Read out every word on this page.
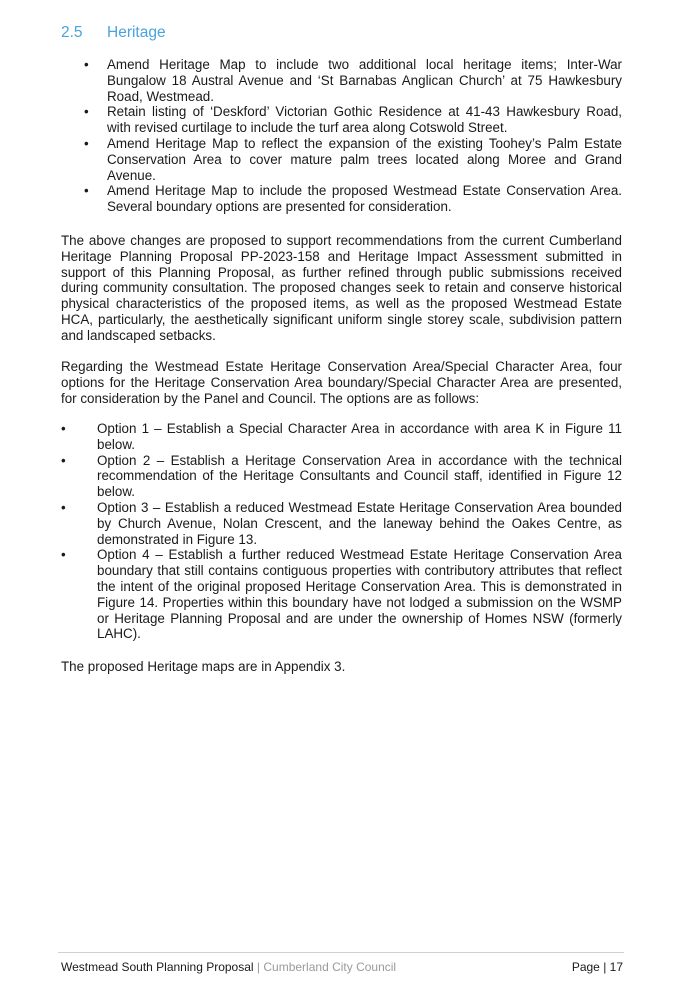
2.5	Heritage
• Amend Heritage Map to include two additional local heritage items; Inter-War Bungalow 18 Austral Avenue and ‘St Barnabas Anglican Church’ at 75 Hawkesbury Road, Westmead.
• Retain listing of ‘Deskford’ Victorian Gothic Residence at 41-43 Hawkesbury Road, with revised curtilage to include the turf area along Cotswold Street.
• Amend Heritage Map to reflect the expansion of the existing Toohey’s Palm Estate Conservation Area to cover mature palm trees located along Moree and Grand Avenue.
• Amend Heritage Map to include the proposed Westmead Estate Conservation Area. Several boundary options are presented for consideration.

The above changes are proposed to support recommendations from the current Cumberland Heritage Planning Proposal PP-2023-158 and Heritage Impact Assessment submitted in support of this Planning Proposal, as further refined through public submissions received during community consultation. The proposed changes seek to retain and conserve historical physical characteristics of the proposed items, as well as the proposed Westmead Estate HCA, particularly, the aesthetically significant uniform single storey scale, subdivision pattern and landscaped setbacks.

Regarding the Westmead Estate Heritage Conservation Area/Special Character Area, four options for the Heritage Conservation Area boundary/Special Character Area are presented, for consideration by the Panel and Council. The options are as follows:

• Option 1 – Establish a Special Character Area in accordance with area K in Figure 11 below.
• Option 2 – Establish a Heritage Conservation Area in accordance with the technical recommendation of the Heritage Consultants and Council staff, identified in Figure 12 below.
• Option 3 – Establish a reduced Westmead Estate Heritage Conservation Area bounded by Church Avenue, Nolan Crescent, and the laneway behind the Oakes Centre, as demonstrated in Figure 13.
• Option 4 – Establish a further reduced Westmead Estate Heritage Conservation Area boundary that still contains contiguous properties with contributory attributes that reflect the intent of the original proposed Heritage Conservation Area. This is demonstrated in Figure 14. Properties within this boundary have not lodged a submission on the WSMP or Heritage Planning Proposal and are under the ownership of Homes NSW (formerly LAHC).

The proposed Heritage maps are in Appendix 3.

Westmead South Planning Proposal | Cumberland City Council	Page | 17
